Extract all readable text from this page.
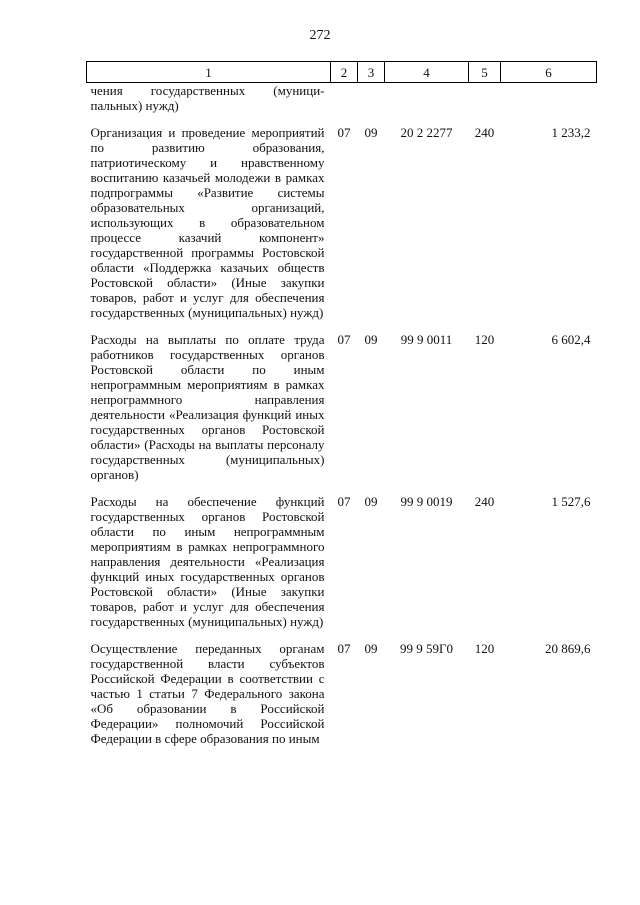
272
1	2	3	4	5	6
чения государственных (муници-пальных) нужд)					
Организация и проведение мероприятий по развитию образования, патриотическому и нравственному воспитанию казачьей молодежи в рамках подпрограммы «Развитие системы образовательных организаций, использующих в образовательном процессе казачий компонент» государственной программы Ростовской области «Поддержка казачьих обществ Ростовской области» (Иные закупки товаров, работ и услуг для обеспечения государственных (муниципальных) нужд)	07	09	20 2 2277	240	1 233,2
Расходы на выплаты по оплате труда работников государственных органов Ростовской области по иным непрограммным мероприятиям в рамках непрограммного направления деятельности «Реализация функций иных государственных органов Ростовской области» (Расходы на выплаты персоналу государственных (муниципальных) органов)	07	09	99 9 0011	120	6 602,4
Расходы на обеспечение функций государственных органов Ростовской области по иным непрограммным мероприятиям в рамках непрограммного направления деятельности «Реализация функций иных государственных органов Ростовской области» (Иные закупки товаров, работ и услуг для обеспечения государственных (муниципальных) нужд)	07	09	99 9 0019	240	1 527,6
Осуществление переданных органам государственной власти субъектов Российской Федерации в соответствии с частью 1 статьи 7 Федерального закона «Об образовании в Российской Федерации» полномочий Российской Федерации в сфере образования по иным	07	09	99 9 59Г0	120	20 869,6
